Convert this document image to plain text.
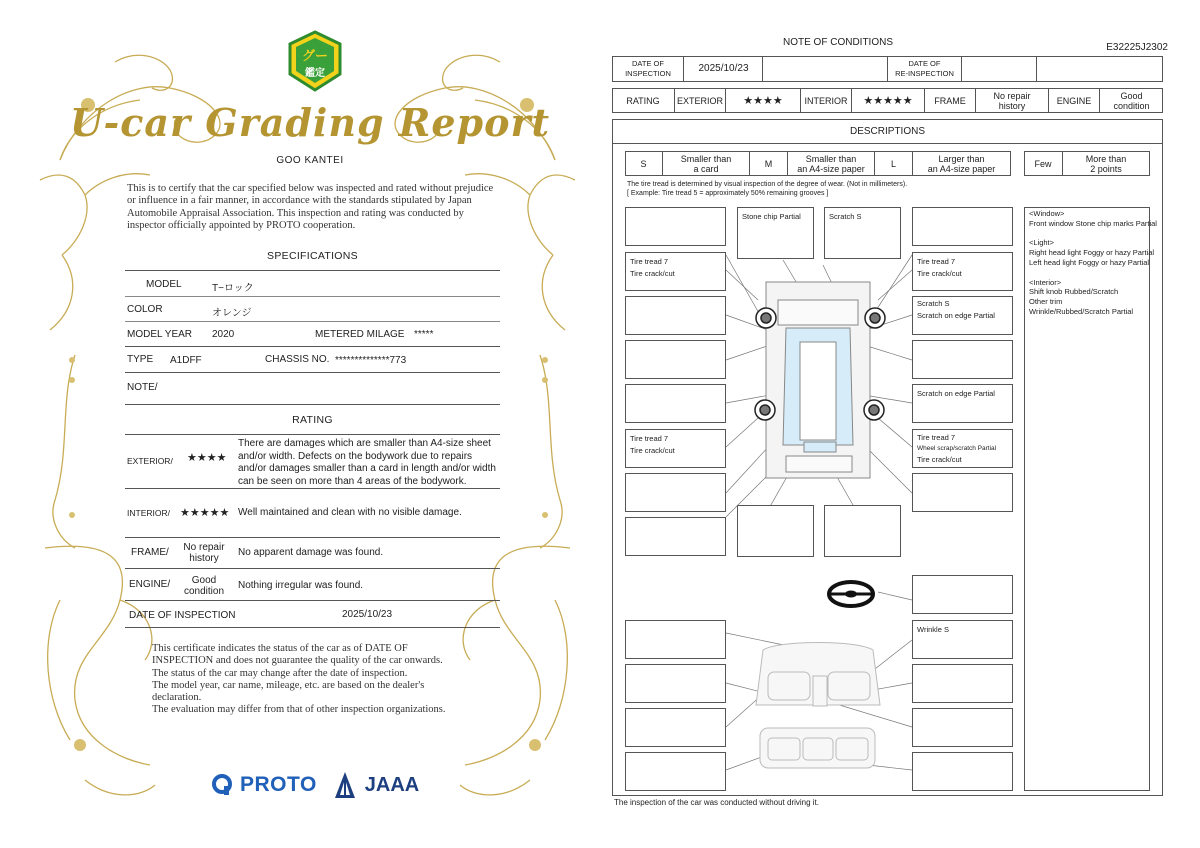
グー
鑑定
U-car Grading Report
GOO KANTEI
This is to certify that the car specified below was inspected and rated without prejudice or influence in a fair manner, in accordance with the standards stipulated by Japan Automobile Appraisal Association. This inspection and rating was conducted by inspector officially appointed by PROTO cooperation.
SPECIFICATIONS
MODEL	T−ロック
COLOR	オレンジ
MODEL YEAR 2020	METERED MILAGE *****
TYPE A1DFF	CHASSIS NO. **************773
NOTE/
RATING
EXTERIOR/ ★★★★
There are damages which are smaller than A4-size sheet and/or width. Defects on the bodywork due to repairs and/or damages smaller than a card in length and/or width can be seen on more than 4 areas of the bodywork.
INTERIOR/ ★★★★★ Well maintained and clean with no visible damage.
FRAME/	No repair
history
No apparent damage was found.
ENGINE/	Good
condition
Nothing irregular was found.
DATE OF INSPECTION	2025/10/23
This certificate indicates the status of the car as of DATE OF
INSPECTION and does not guarantee the quality of the car onwards.
The status of the car may change after the date of inspection.
The model year, car name, mileage, etc. are based on the dealer's
declaration.
The evaluation may differ from that of other inspection organizations.
PROTO JAAA
NOTE OF CONDITIONS	E32225J2302
DATE OF
INSPECTION	2025/10/23	DATE OF
RE-INSPECTION
RATING	EXTERIOR	★★★★	INTERIOR	★★★★★	FRAME	No repair
history	ENGINE	Good
condition
DESCRIPTIONS
S	Smaller than
a card	M	Smaller than
an A4-size paper	L	Larger than
an A4-size paper	Few	More than
2 points
The tire tread is determined by visual inspection of the degree of wear. (Not in millimeters).
[ Example: Tire tread 5 = approximately 50% remaining grooves ]
Tire tread 7
Tire crack/cut
Tire tread 7
Tire crack/cut
Stone chip Partial	Scratch S
Tire tread 7
Tire crack/cut
Scratch S
Scratch on edge Partial
Scratch on edge Partial
Tire tread 7
Wheel scrap/scratch Partial
Tire crack/cut
Wrinkle S
<Window>
Front window Stone chip marks Partial
<Light>
Right head light Foggy or hazy Partial
Left head light Foggy or hazy Partial
<Interior>
Shift knob Rubbed/Scratch
Other trim
Wrinkle/Rubbed/Scratch Partial
The inspection of the car was conducted without driving it.
